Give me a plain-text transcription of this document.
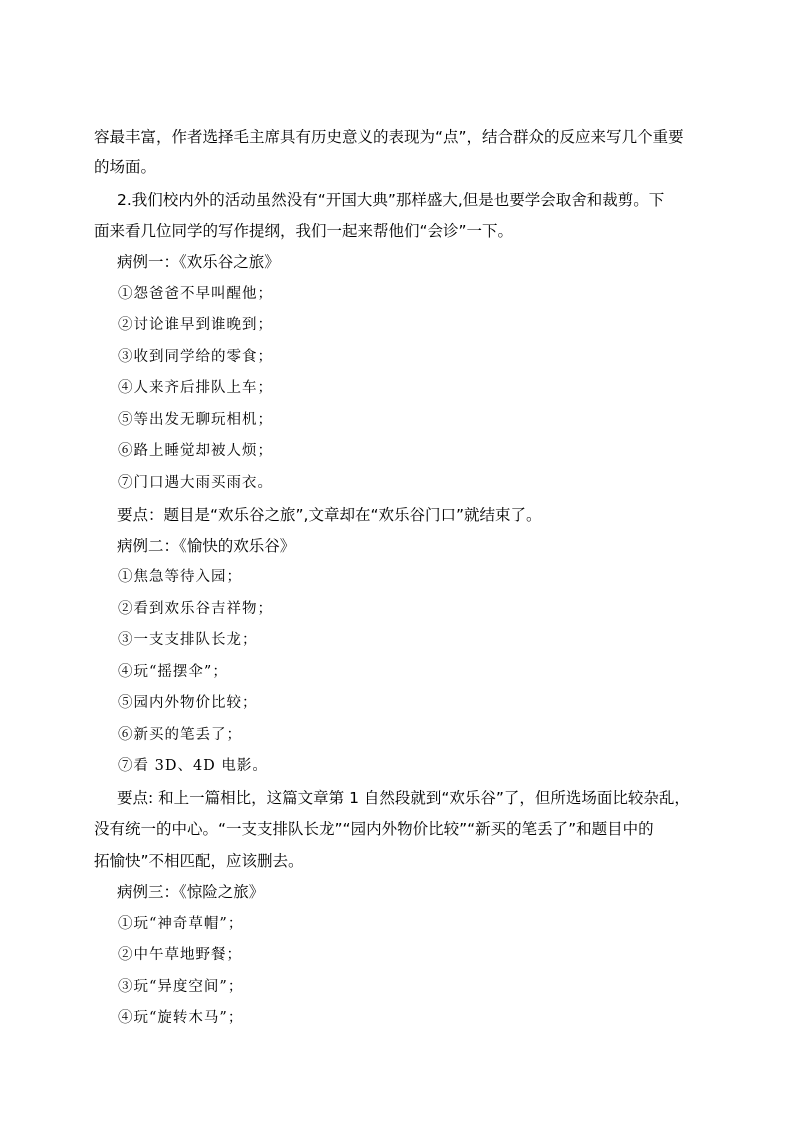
容最丰富，作者选择毛主席具有历史意义的表现为“点”，结合群众的反应来写几个重要
的场面。
2.我们校内外的活动虽然没有“开国大典”那样盛大,但是也要学会取舍和裁剪。下
面来看几位同学的写作提纲，我们一起来帮他们“会诊”一下。
病例一：《欢乐谷之旅》
①怨爸爸不早叫醒他；
②讨论谁早到谁晚到；
③收到同学给的零食；
④人来齐后排队上车；
⑤等出发无聊玩相机；
⑥路上睡觉却被人烦；
⑦门口遇大雨买雨衣。
要点：题目是“欢乐谷之旅”,文章却在“欢乐谷门口”就结束了。
病例二：《愉快的欢乐谷》
①焦急等待入园；
②看到欢乐谷吉祥物；
③一支支排队长龙；
④玩“摇摆伞”；
⑤园内外物价比较；
⑥新买的笔丢了；
⑦看 3D、4D 电影。
要点: 和上一篇相比，这篇文章第 1 自然段就到“欢乐谷”了，但所选场面比较杂乱，
没有统一的中心。“一支支排队长龙”“园内外物价比较”“新买的笔丢了”和题目中的
拓愉快”不相匹配，应该删去。
病例三：《惊险之旅》
①玩“神奇草帽”；
②中午草地野餐；
③玩“异度空间”；
④玩“旋转木马”；
